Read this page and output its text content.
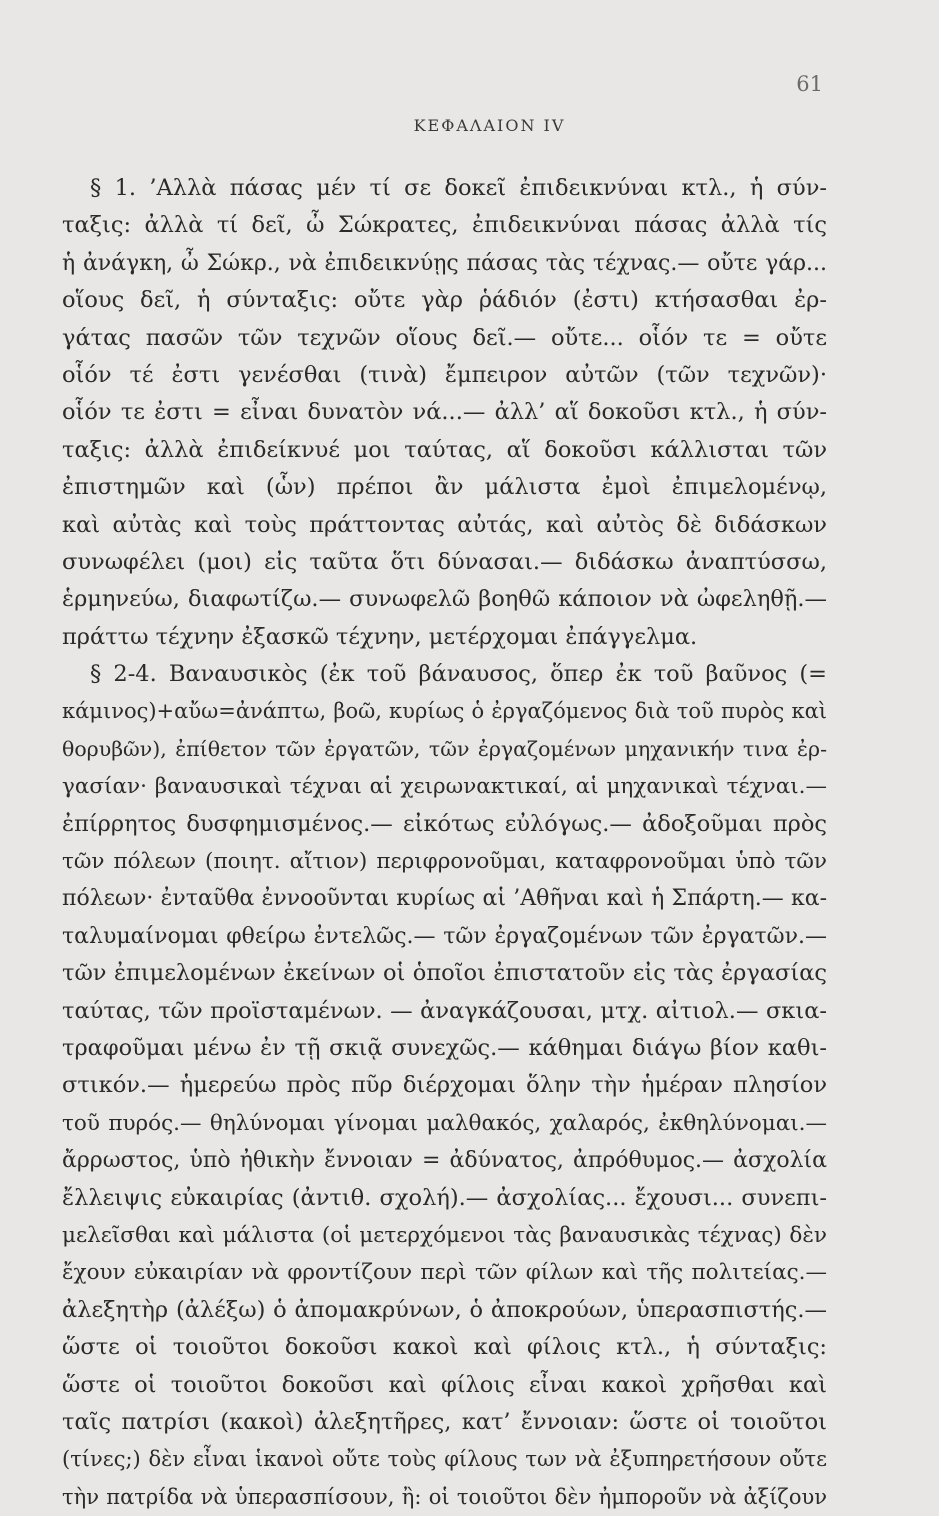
61
ΚΕΦΑΛΑΙΟΝ IV
§ 1. ’Αλλὰ πάσας μέν τί σε δοκεῖ ἐπιδεικνύναι κτλ., ἡ σύν-
ταξις: ἀλλὰ τί δεῖ, ὦ Σώκρατες, ἐπιδεικνύναι πάσας ἀλλὰ τίς
ἡ ἀνάγκη, ὦ Σώκρ., νὰ ἐπιδεικνύῃς πάσας τὰς τέχνας.— οὔτε γάρ...
οἵους δεῖ, ἡ σύνταξις: οὔτε γὰρ ῥάδιόν (ἐστι) κτήσασθαι ἐρ-
γάτας πασῶν τῶν τεχνῶν οἵους δεῖ.— οὔτε... οἷόν τε = οὔτε
οἷόν τέ ἐστι γενέσθαι (τινὰ) ἔμπειρον αὐτῶν (τῶν τεχνῶν)·
οἷόν τε ἐστι = εἶναι δυνατὸν νά...— ἀλλ’ αἵ δοκοῦσι κτλ., ἡ σύν-
ταξις: ἀλλὰ ἐπιδείκνυέ μοι ταύτας, αἵ δοκοῦσι κάλλισται τῶν
ἐπιστημῶν καὶ (ὧν) πρέποι ἂν μάλιστα ἐμοὶ ἐπιμελομένῳ,
καὶ αὐτὰς καὶ τοὺς πράττοντας αὐτάς, καὶ αὐτὸς δὲ διδάσκων
συνωφέλει (μοι) εἰς ταῦτα ὅτι δύνασαι.— διδάσκω ἀναπτύσσω,
ἑρμηνεύω, διαφωτίζω.— συνωφελῶ βοηθῶ κάποιον νὰ ὠφεληθῇ.—
πράττω τέχνην ἐξασκῶ τέχνην, μετέρχομαι ἐπάγγελμα.
§ 2-4. Βαναυσικὸς (ἐκ τοῦ βάναυσος, ὅπερ ἐκ τοῦ βαῦνος (=
κάμινος)+αὔω=ἀνάπτω, βοῶ, κυρίως ὁ ἐργαζόμενος διὰ τοῦ πυρὸς καὶ
θορυβῶν), ἐπίθετον τῶν ἐργατῶν, τῶν ἐργαζομένων μηχανικήν τινα ἐρ-
γασίαν· βαναυσικαὶ τέχναι αἱ χειρωνακτικαί, αἱ μηχανικαὶ τέχναι.—
ἐπίρρητος δυσφημισμένος.— εἰκότως εὐλόγως.— ἀδοξοῦμαι πρὸς
τῶν πόλεων (ποιητ. αἴτιον) περιφρονοῦμαι, καταφρονοῦμαι ὑπὸ τῶν
πόλεων· ἐνταῦθα ἐννοοῦνται κυρίως αἱ ’Αθῆναι καὶ ἡ Σπάρτη.— κα-
ταλυμαίνομαι φθείρω ἐντελῶς.— τῶν ἐργαζομένων τῶν ἐργατῶν.—
τῶν ἐπιμελομένων ἐκείνων οἱ ὁποῖοι ἐπιστατοῦν εἰς τὰς ἐργασίας
ταύτας, τῶν προϊσταμένων. — ἀναγκάζουσαι, μτχ. αἰτιολ.— σκια-
τραφοῦμαι μένω ἐν τῇ σκιᾷ συνεχῶς.— κάθημαι διάγω βίον καθι-
στικόν.— ἡμερεύω πρὸς πῦρ διέρχομαι ὅλην τὴν ἡμέραν πλησίον
τοῦ πυρός.— θηλύνομαι γίνομαι μαλθακός, χαλαρός, ἐκθηλύνομαι.—
ἄρρωστος, ὑπὸ ἠθικὴν ἔννοιαν = ἀδύνατος, ἀπρόθυμος.— ἀσχολία
ἔλλειψις εὐκαιρίας (ἀντιθ. σχολή).— ἀσχολίας... ἔχουσι... συνεπι-
μελεῖσθαι καὶ μάλιστα (οἱ μετερχόμενοι τὰς βαναυσικὰς τέχνας) δὲν
ἔχουν εὐκαιρίαν νὰ φροντίζουν περὶ τῶν φίλων καὶ τῆς πολιτείας.—
ἀλεξητὴρ (ἀλέξω) ὁ ἀπομακρύνων, ὁ ἀποκρούων, ὑπερασπιστής.—
ὥστε οἱ τοιοῦτοι δοκοῦσι κακοὶ καὶ φίλοις κτλ., ἡ σύνταξις:
ὥστε οἱ τοιοῦτοι δοκοῦσι καὶ φίλοις εἶναι κακοὶ χρῆσθαι καὶ
ταῖς πατρίσι (κακοὶ) ἀλεξητῆρες, κατ’ ἔννοιαν: ὥστε οἱ τοιοῦτοι
(τίνες;) δὲν εἶναι ἱκανοὶ οὔτε τοὺς φίλους των νὰ ἐξυπηρετήσουν οὔτε
τὴν πατρίδα νὰ ὑπερασπίσουν, ἢ: οἱ τοιοῦτοι δὲν ἠμποροῦν νὰ ἀξίζουν
